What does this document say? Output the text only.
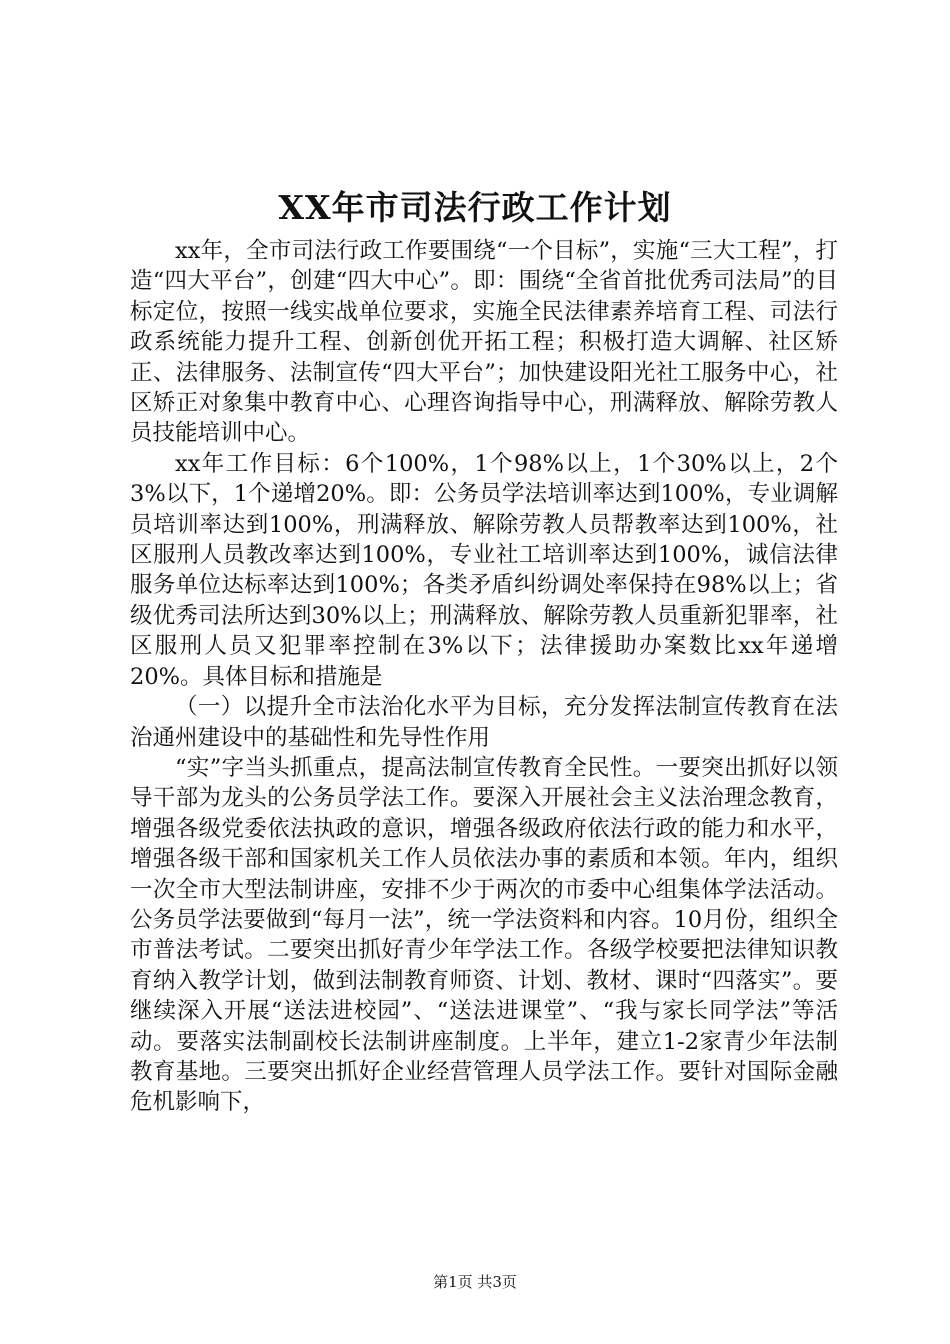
XX年市司法行政工作计划

xx年，全市司法行政工作要围绕“一个目标”，实施“三大工程”，打造“四大平台”，创建“四大中心”。即：围绕“全省首批优秀司法局”的目标定位，按照一线实战单位要求，实施全民法律素养培育工程、司法行政系统能力提升工程、创新创优开拓工程；积极打造大调解、社区矫正、法律服务、法制宣传“四大平台”；加快建设阳光社工服务中心，社区矫正对象集中教育中心、心理咨询指导中心，刑满释放、解除劳教人员技能培训中心。

xx年工作目标：6个100%，1个98%以上，1个30%以上，2个3%以下，1个递增20%。即：公务员学法培训率达到100%，专业调解员培训率达到100%，刑满释放、解除劳教人员帮教率达到100%，社区服刑人员教改率达到100%，专业社工培训率达到100%，诚信法律服务单位达标率达到100%；各类矛盾纠纷调处率保持在98%以上；省级优秀司法所达到30%以上；刑满释放、解除劳教人员重新犯罪率，社区服刑人员又犯罪率控制在3%以下；法律援助办案数比xx年递增20%。具体目标和措施是

（一）以提升全市法治化水平为目标，充分发挥法制宣传教育在法治通州建设中的基础性和先导性作用

“实”字当头抓重点，提高法制宣传教育全民性。一要突出抓好以领导干部为龙头的公务员学法工作。要深入开展社会主义法治理念教育，增强各级党委依法执政的意识，增强各级政府依法行政的能力和水平，增强各级干部和国家机关工作人员依法办事的素质和本领。年内，组织一次全市大型法制讲座，安排不少于两次的市委中心组集体学法活动。公务员学法要做到“每月一法”，统一学法资料和内容。10月份，组织全市普法考试。二要突出抓好青少年学法工作。各级学校要把法律知识教育纳入教学计划，做到法制教育师资、计划、教材、课时“四落实”。要继续深入开展“送法进校园”、“送法进课堂”、“我与家长同学法”等活动。要落实法制副校长法制讲座制度。上半年，建立1-2家青少年法制教育基地。三要突出抓好企业经营管理人员学法工作。要针对国际金融危机影响下，

第1页 共3页
